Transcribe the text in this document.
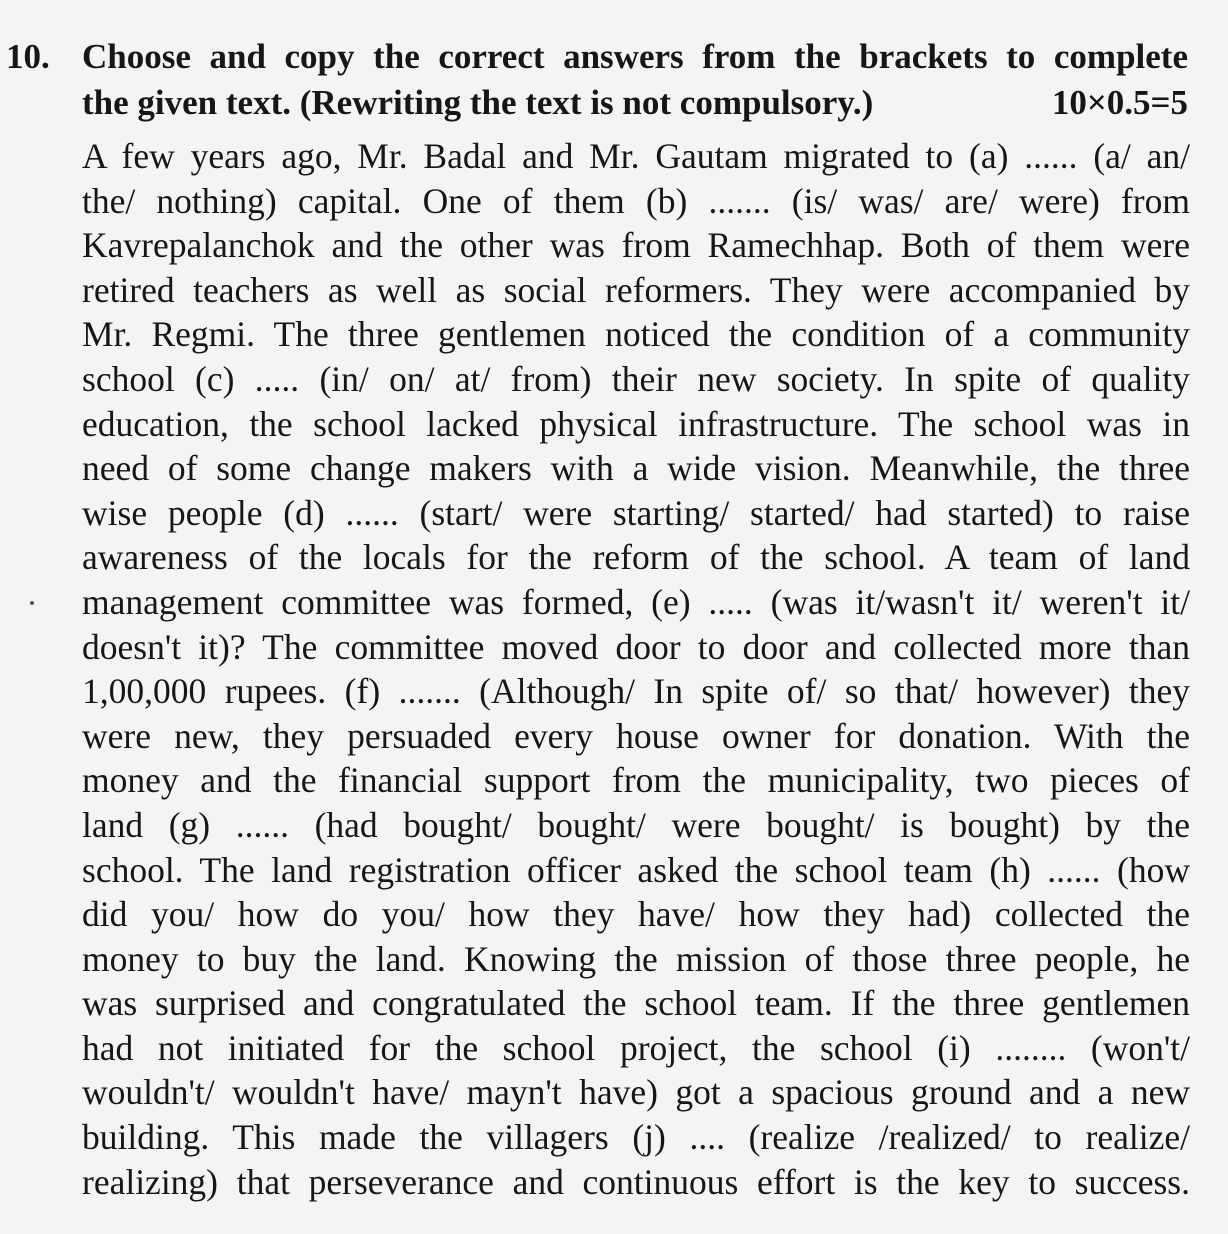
10. Choose and copy the correct answers from the brackets to complete
the given text. (Rewriting the text is not compulsory.)	10×0.5=5
A few years ago, Mr. Badal and Mr. Gautam migrated to (a) ...... (a/ an/
the/ nothing) capital. One of them (b) ....... (is/ was/ are/ were) from
Kavrepalanchok and the other was from Ramechhap. Both of them were
retired teachers as well as social reformers. They were accompanied by
Mr. Regmi. The three gentlemen noticed the condition of a community
school (c) ..... (in/ on/ at/ from) their new society. In spite of quality
education, the school lacked physical infrastructure. The school was in
need of some change makers with a wide vision. Meanwhile, the three
wise people (d) ...... (start/ were starting/ started/ had started) to raise
awareness of the locals for the reform of the school. A team of land
management committee was formed, (e) ..... (was it/wasn't it/ weren't it/
doesn't it)? The committee moved door to door and collected more than
1,00,000 rupees. (f) ....... (Although/ In spite of/ so that/ however) they
were new, they persuaded every house owner for donation. With the
money and the financial support from the municipality, two pieces of
land (g) ...... (had bought/ bought/ were bought/ is bought) by the
school. The land registration officer asked the school team (h) ...... (how
did you/ how do you/ how they have/ how they had) collected the
money to buy the land. Knowing the mission of those three people, he
was surprised and congratulated the school team. If the three gentlemen
had not initiated for the school project, the school (i) ........ (won't/
wouldn't/ wouldn't have/ mayn't have) got a spacious ground and a new
building. This made the villagers (j) .... (realize /realized/ to realize/
realizing) that perseverance and continuous effort is the key to success.
